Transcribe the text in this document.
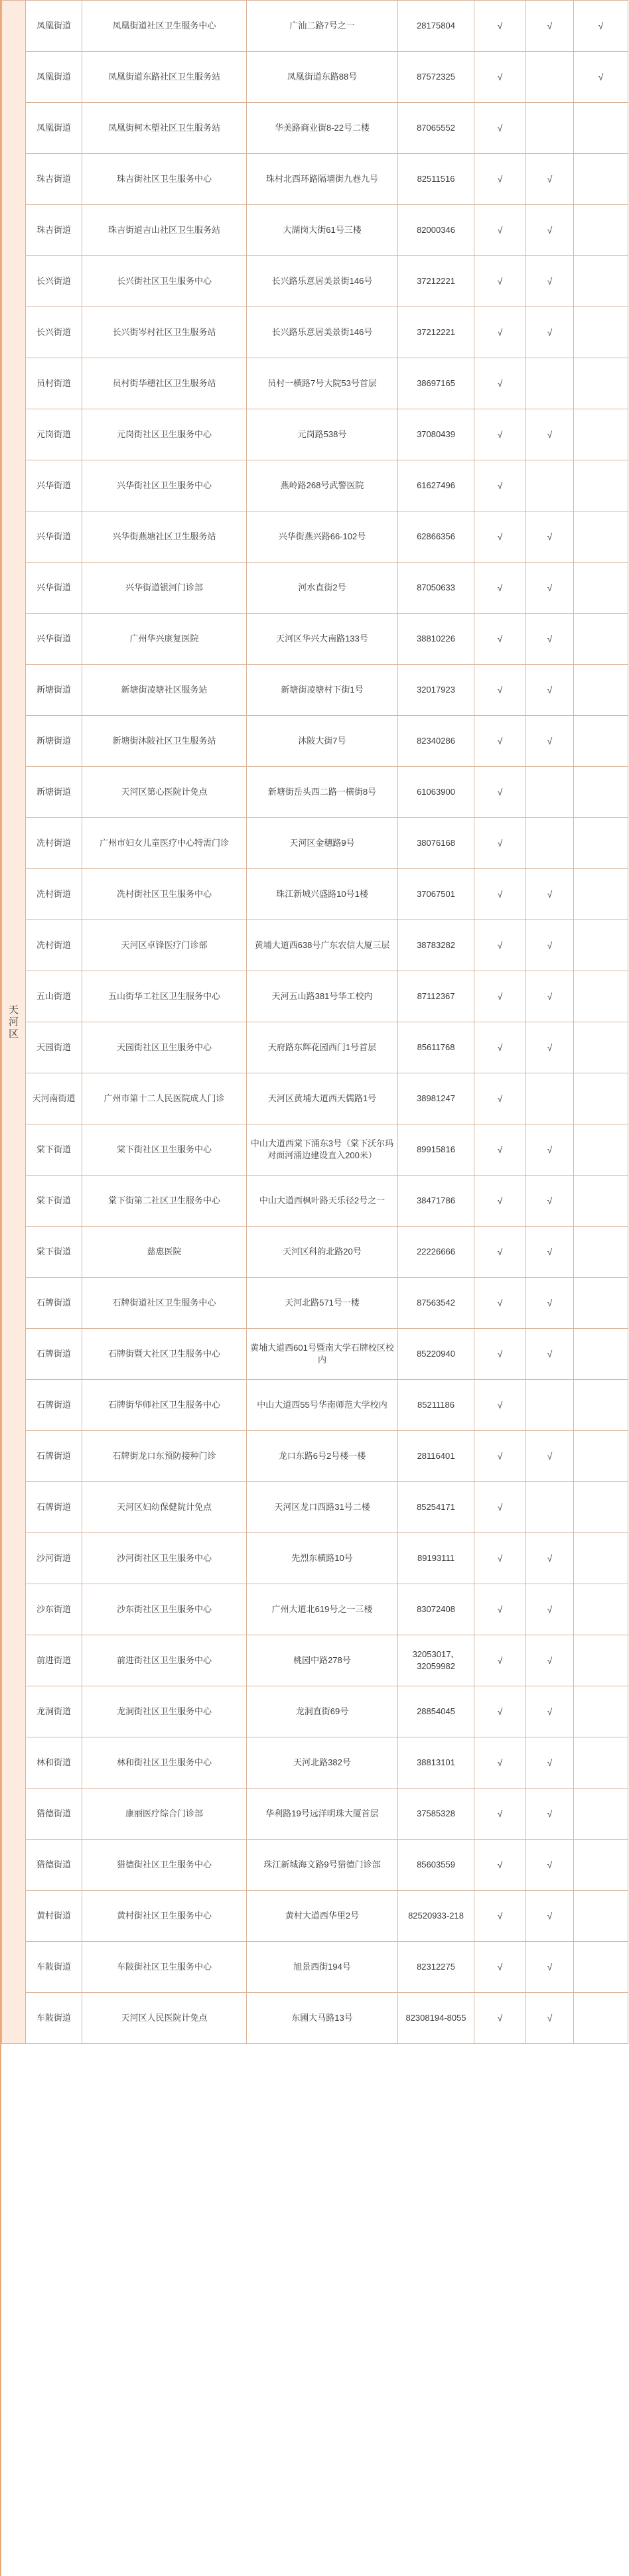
天河区	凤凰街道	凤凰街道社区卫生服务中心	广汕二路7号之一	28175804	√	√	√
	凤凰街道	凤凰街道东路社区卫生服务站	凤凰街道东路88号	87572325	√		√
	凤凰街道	凤凰街柯木塱社区卫生服务站	华美路商业街8-22号二楼	87065552	√		
	珠吉街道	珠吉街社区卫生服务中心	珠村北西环路隔墙街九巷九号	82511516	√	√	
	珠吉街道	珠吉街道吉山社区卫生服务站	大湖岗大街61号三楼	82000346	√	√	
	长兴街道	长兴街社区卫生服务中心	长兴路乐意居美景街146号	37212221	√	√	
	长兴街道	长兴街岑村社区卫生服务站	长兴路乐意居美景街146号	37212221	√	√	
	员村街道	员村街华穗社区卫生服务站	员村一横路7号大院53号首层	38697165	√		
	元岗街道	元岗街社区卫生服务中心	元岗路538号	37080439	√	√	
	兴华街道	兴华街社区卫生服务中心	燕岭路268号武警医院	61627496	√		
	兴华街道	兴华街燕塘社区卫生服务站	兴华街燕兴路66-102号	62866356	√	√	
	兴华街道	兴华街道银河门诊部	河水直街2号	87050633	√	√	
	兴华街道	广州华兴康复医院	天河区华兴大南路133号	38810226	√	√	
	新塘街道	新塘街凌塘社区服务站	新塘街凌塘村下街1号	32017923	√	√	
	新塘街道	新塘街沐陂社区卫生服务站	沐陂大街7号	82340286	√	√	
	新塘街道	天河区第心医院计免点	新塘街岳头西二路一横街8号	61063900	√		
	冼村街道	广州市妇女儿童医疗中心特需门诊	天河区金穗路9号	38076168	√		
	冼村街道	冼村街社区卫生服务中心	珠江新城兴盛路10号1楼	37067501	√	√	
	冼村街道	天河区卓锋医疗门诊部	黄埔大道西638号广东农信大厦三层	38783282	√	√	
	五山街道	五山街华工社区卫生服务中心	天河五山路381号华工校内	87112367	√	√	
	天园街道	天园街社区卫生服务中心	天府路东辉花园西门1号首层	85611768	√	√	
	天河南街道	广州市第十二人民医院成人门诊	天河区黄埔大道西天儒路1号	38981247	√		
	棠下街道	棠下街社区卫生服务中心	中山大道西棠下涌东3号（棠下沃尔玛对面河涌边建设直入200米）	89915816	√	√	
	棠下街道	棠下街第二社区卫生服务中心	中山大道西枫叶路天乐径2号之一	38471786	√	√	
	棠下街道	慈惠医院	天河区科韵北路20号	22226666	√	√	
	石牌街道	石牌街道社区卫生服务中心	天河北路571号一楼	87563542	√	√	
	石牌街道	石牌街暨大社区卫生服务中心	黄埔大道西601号暨南大学石牌校区校内	85220940	√	√	
	石牌街道	石牌街华师社区卫生服务中心	中山大道西55号华南师范大学校内	85211186	√		
	石牌街道	石牌街龙口东预防接种门诊	龙口东路6号2号楼一楼	28116401	√	√	
	石牌街道	天河区妇幼保健院计免点	天河区龙口西路31号二楼	85254171	√		
	沙河街道	沙河街社区卫生服务中心	先烈东横路10号	89193111	√	√	
	沙东街道	沙东街社区卫生服务中心	广州大道北619号之一三楼	83072408	√	√	
	前进街道	前进街社区卫生服务中心	桃园中路278号	32053017、32059982	√	√	
	龙洞街道	龙洞街社区卫生服务中心	龙洞直街69号	28854045	√	√	
	林和街道	林和街社区卫生服务中心	天河北路382号	38813101	√	√	
	猎德街道	康丽医疗综合门诊部	华利路19号远洋明珠大厦首层	37585328	√	√	
	猎德街道	猎德街社区卫生服务中心	珠江新城海文路9号猎德门诊部	85603559	√	√	
	黄村街道	黄村街社区卫生服务中心	黄村大道西华里2号	82520933-218	√	√	
	车陂街道	车陂街社区卫生服务中心	旭景西街194号	82312275	√	√	
	车陂街道	天河区人民医院计免点	东圃大马路13号	82308194-8055	√	√	
